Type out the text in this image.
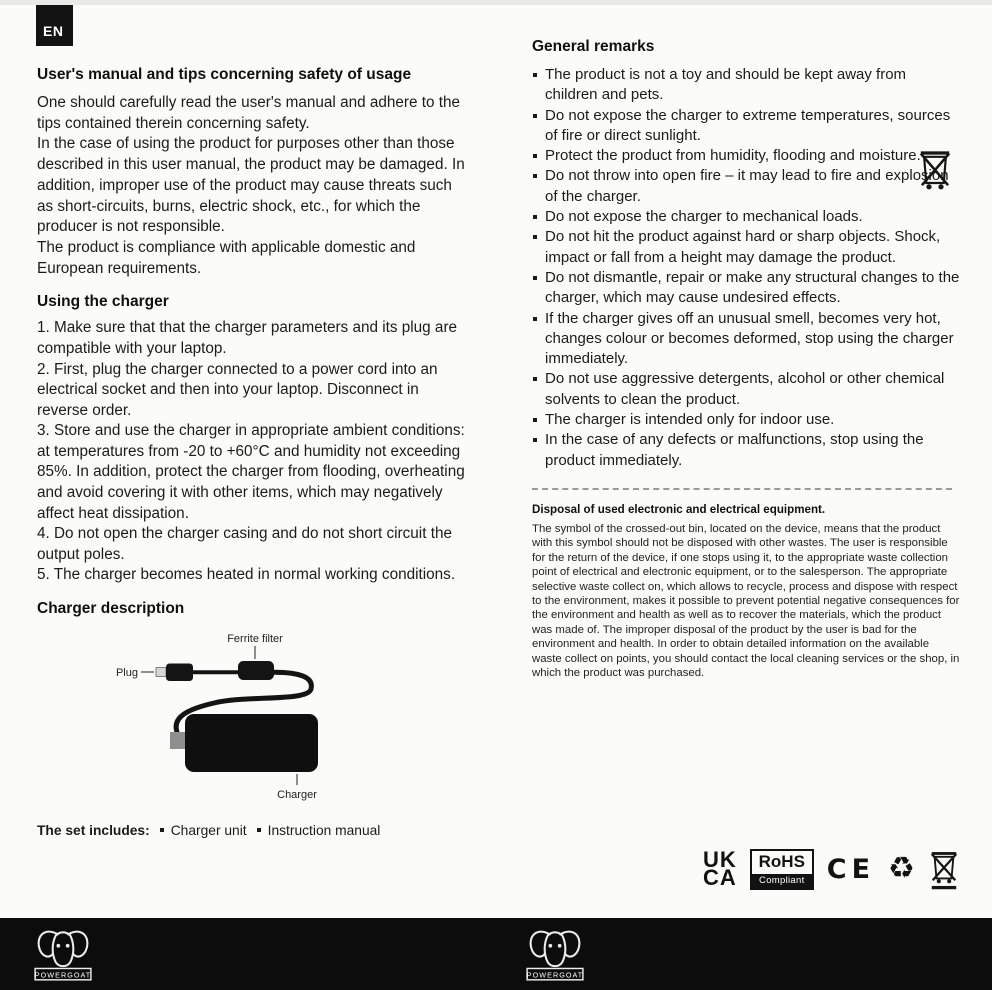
EN
User's manual and tips concerning safety of usage

One should carefully read the user's manual and adhere to the tips contained therein concerning safety.

In the case of using the product for purposes other than those described in this user manual, the product may be damaged. In addition, improper use of the product may cause threats such as short-circuits, burns, electric shock, etc., for which the producer is not responsible.

The product is compliance with applicable domestic and European requirements.

Using the charger
1. Make sure that that the charger parameters and its plug are compatible with your laptop.
2. First, plug the charger connected to a power cord into an electrical socket and then into your laptop. Disconnect in reverse order.
3. Store and use the charger in appropriate ambient conditions: at temperatures from -20 to +60°C and humidity not exceeding 85%. In addition, protect the charger from flooding, overheating and avoid covering it with other items, which may negatively affect heat dissipation.
4. Do not open the charger casing and do not short circuit the output poles.
5. The charger becomes heated in normal working conditions.
Charger description
Ferrite filter
Plug
Charger
The set includes: Charger unit Instruction manual
General remarks
The product is not a toy and should be kept away from children and pets.
Do not expose the charger to extreme temperatures, sources of fire or direct sunlight.
Protect the product from humidity, flooding and moisture.
Do not throw into open fire – it may lead to fire and explosion of the charger.
Do not expose the charger to mechanical loads.
Do not hit the product against hard or sharp objects. Shock, impact or fall from a height may damage the product.
Do not dismantle, repair or make any structural changes to the charger, which may cause undesired effects.
If the charger gives off an unusual smell, becomes very hot, changes colour or becomes deformed, stop using the charger immediately.
Do not use aggressive detergents, alcohol or other chemical solvents to clean the product.
The charger is intended only for indoor use.
In the case of any defects or malfunctions, stop using the product immediately.
Disposal of used electronic and electrical equipment.

The symbol of the crossed-out bin, located on the device, means that the product with this symbol should not be disposed with other wastes. The user is responsible for the return of the device, if one stops using it, to the appropriate waste collection point of electrical and electronic equipment, or to the salesperson. The appropriate selective waste collect on, which allows to recycle, process and dispose with respect to the environment, makes it possible to prevent potential negative consequences for the environment and health as well as to recover the materials, which the product was made of. The improper disposal of the product by the user is bad for the environment and health. In order to obtain detailed information on the available waste collect on points, you should contact the local cleaning services or the shop, in which the product was purchased.

UK
CA
RoHS
Compliant CE ♻
POWERGOAT	POWERGOAT
